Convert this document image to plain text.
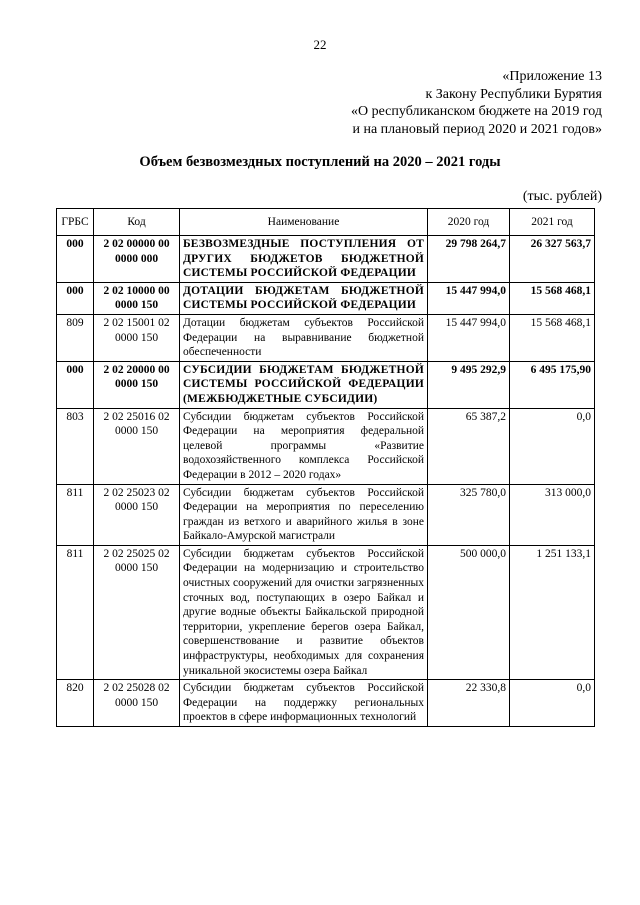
22
«Приложение 13
к Закону Республики Бурятия
«О республиканском бюджете на 2019 год
и на плановый период 2020 и 2021 годов»
Объем безвозмездных поступлений на 2020 – 2021 годы
(тыс. рублей)
ГРБС	Код	Наименование	2020 год	2021 год
000	2 02 00000 00 0000 000	БЕЗВОЗМЕЗДНЫЕ ПОСТУПЛЕНИЯ ОТ ДРУГИХ БЮДЖЕТОВ БЮДЖЕТНОЙ СИСТЕМЫ РОССИЙСКОЙ ФЕДЕРАЦИИ	29 798 264,7	26 327 563,7
000	2 02 10000 00 0000 150	ДОТАЦИИ БЮДЖЕТАМ БЮДЖЕТНОЙ СИСТЕМЫ РОССИЙСКОЙ ФЕДЕРАЦИИ	15 447 994,0	15 568 468,1
809	2 02 15001 02 0000 150	Дотации бюджетам субъектов Российской Федерации на выравнивание бюджетной обеспеченности	15 447 994,0	15 568 468,1
000	2 02 20000 00 0000 150	СУБСИДИИ БЮДЖЕТАМ БЮДЖЕТНОЙ СИСТЕМЫ РОССИЙСКОЙ ФЕДЕРАЦИИ (МЕЖБЮДЖЕТНЫЕ СУБСИДИИ)	9 495 292,9	6 495 175,90
803	2 02 25016 02 0000 150	Субсидии бюджетам субъектов Российской Федерации на мероприятия федеральной целевой программы «Развитие водохозяйственного комплекса Российской Федерации в 2012 – 2020 годах»	65 387,2	0,0
811	2 02 25023 02 0000 150	Субсидии бюджетам субъектов Российской Федерации на мероприятия по переселению граждан из ветхого и аварийного жилья в зоне Байкало-Амурской магистрали	325 780,0	313 000,0
811	2 02 25025 02 0000 150	Субсидии бюджетам субъектов Российской Федерации на модернизацию и строительство очистных сооружений для очистки загрязненных сточных вод, поступающих в озеро Байкал и другие водные объекты Байкальской природной территории, укрепление берегов озера Байкал, совершенствование и развитие объектов инфраструктуры, необходимых для сохранения уникальной экосистемы озера Байкал	500 000,0	1 251 133,1
820	2 02 25028 02 0000 150	Субсидии бюджетам субъектов Российской Федерации на поддержку региональных проектов в сфере информационных технологий	22 330,8	0,0
